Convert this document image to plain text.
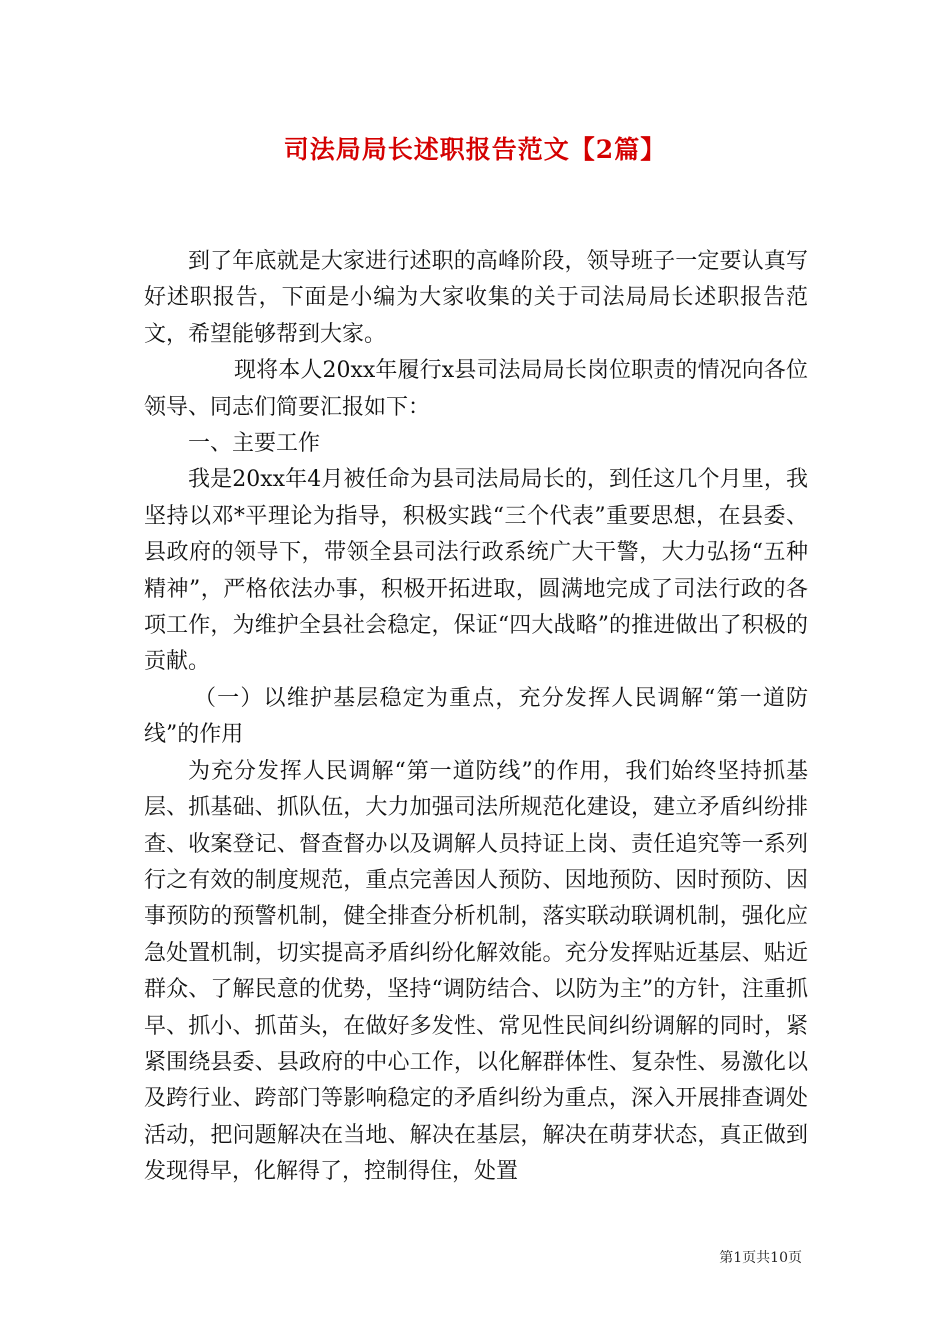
司法局局长述职报告范文【2篇】

到了年底就是大家进行述职的高峰阶段，领导班子一定要认真写好述职报告，下面是小编为大家收集的关于司法局局长述职报告范文，希望能够帮到大家。

现将本人20xx年履行x县司法局局长岗位职责的情况向各位领导、同志们简要汇报如下：

一、主要工作

我是20xx年4月被任命为县司法局局长的，到任这几个月里，我坚持以邓*平理论为指导，积极实践“三个代表”重要思想，在县委、县政府的领导下，带领全县司法行政系统广大干警，大力弘扬“五种精神”，严格依法办事，积极开拓进取，圆满地完成了司法行政的各项工作，为维护全县社会稳定，保证“四大战略”的推进做出了积极的贡献。

（一）以维护基层稳定为重点，充分发挥人民调解“第一道防线”的作用

为充分发挥人民调解“第一道防线”的作用，我们始终坚持抓基层、抓基础、抓队伍，大力加强司法所规范化建设，建立矛盾纠纷排查、收案登记、督查督办以及调解人员持证上岗、责任追究等一系列行之有效的制度规范，重点完善因人预防、因地预防、因时预防、因事预防的预警机制，健全排查分析机制，落实联动联调机制，强化应急处置机制，切实提高矛盾纠纷化解效能。充分发挥贴近基层、贴近群众、了解民意的优势，坚持“调防结合、以防为主”的方针，注重抓早、抓小、抓苗头，在做好多发性、常见性民间纠纷调解的同时，紧紧围绕县委、县政府的中心工作，以化解群体性、复杂性、易激化以及跨行业、跨部门等影响稳定的矛盾纠纷为重点，深入开展排查调处活动，把问题解决在当地、解决在基层，解决在萌芽状态，真正做到发现得早，化解得了，控制得住，处置

第1页共10页
